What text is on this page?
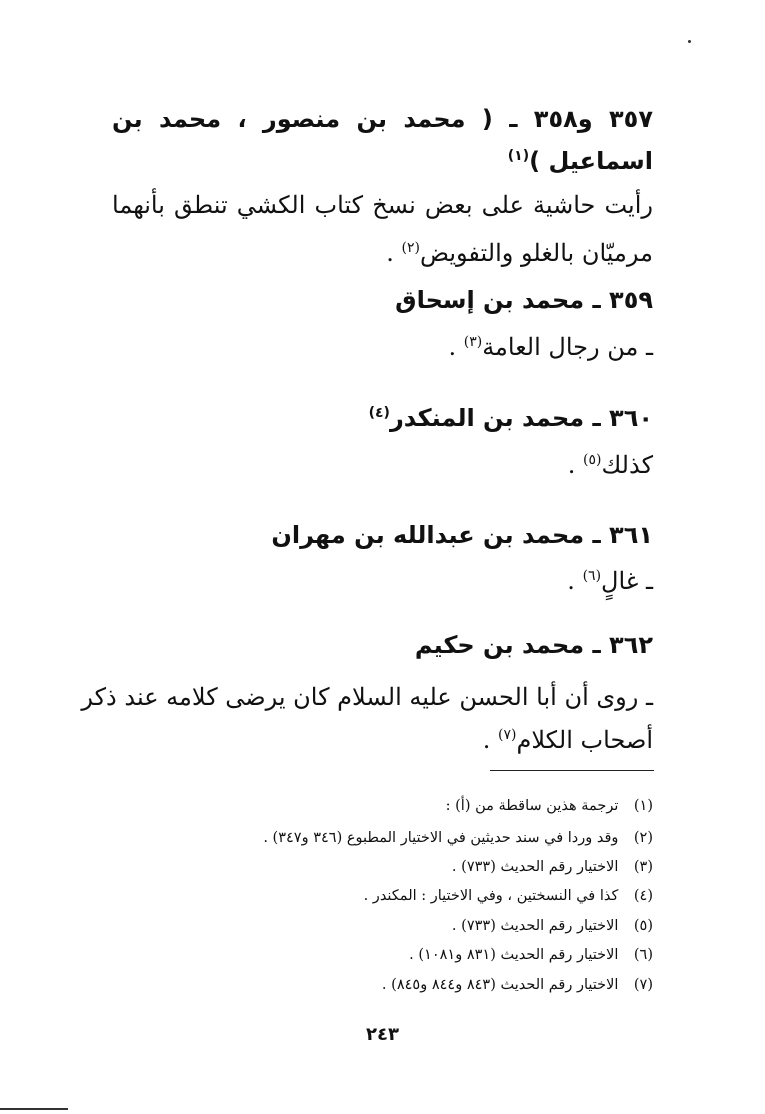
٣٥٧ و٣٥٨ ـ ( محمد بن منصور ، محمد بن
اسماعيل )$^{(١)}$
رأيت حاشية على بعض نسخ كتاب الكشي تنطق بأنهما
مرميّان بالغلو والتفويض$^{(٢)}$ .
٣٥٩ ـ محمد بن إسحاق
ـ من رجال العامة$^{(٣)}$ .
٣٦٠ ـ محمد بن المنكدر$^{(٤)}$
كذلك$^{(٥)}$ .
٣٦١ ـ محمد بن عبدالله بن مهران
ـ غالٍ$^{(٦)}$ .
٣٦٢ ـ محمد بن حكيم
ـ روى أن أبا الحسن عليه السلام كان يرضى كلامه عند ذكر
أصحاب الكلام$^{(٧)}$ .
(١) ترجمة هذين ساقطة من (أ) :
(٢) وقد وردا في سند حديثين في الاختيار المطبوع (٣٤٦ و٣٤٧) .
(٣) الاختيار رقم الحديث (٧٣٣) .
(٤) كذا في النسختين ، وفي الاختيار : المكندر .
(٥) الاختيار رقم الحديث (٧٣٣) .
(٦) الاختيار رقم الحديث (٨٣١ و١٠٨١) .
(٧) الاختيار رقم الحديث (٨٤٣ و٨٤٤ و٨٤٥) .
٢٤٣
